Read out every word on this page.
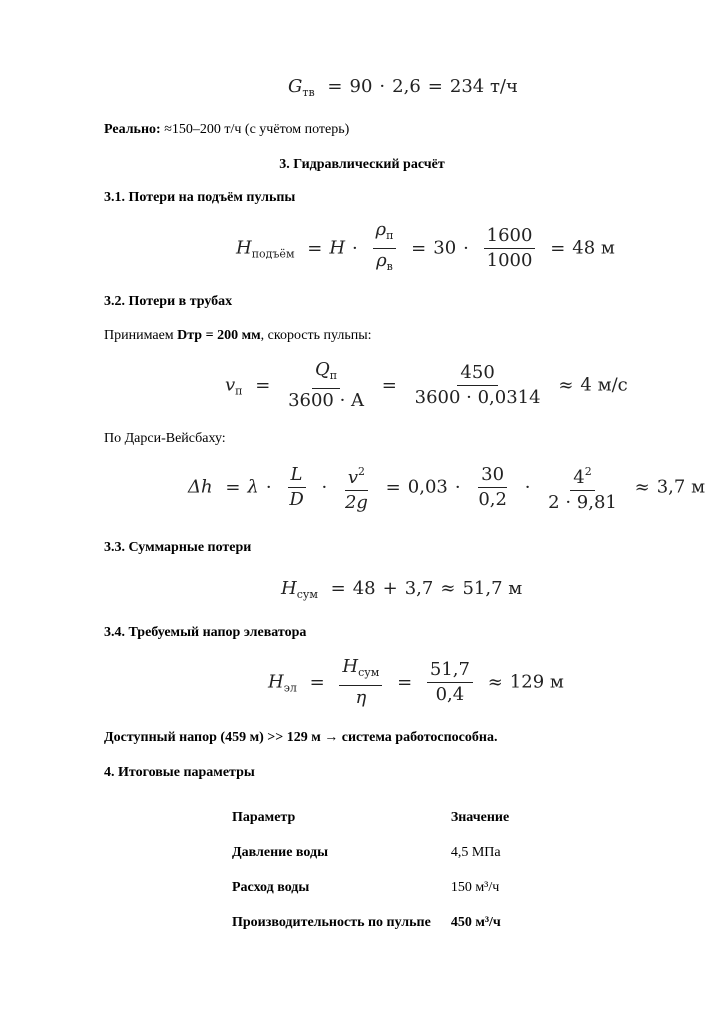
$G_{тв} = 90 \cdot 2,6 = 234$ т/ч
Реально: ≈150–200 т/ч (с учётом потерь)
3. Гидравлический расчёт
3.1. Потери на подъём пульпы
$H_{подъём} = H \cdot \frac{\rho_п}{\rho_в} = 30 \cdot \frac{1600}{1000} = 48$ м
3.2. Потери в трубах
Принимаем Dтр = 200 мм, скорость пульпы:
$v_п = \frac{Q_п}{3600 \cdot A} = \frac{450}{3600 \cdot 0,0314} \approx 4$ м/с
По Дарси-Вейсбаху:
$\Delta h = \lambda \cdot \frac{L}{D} \cdot \frac{v^2}{2g} = 0,03 \cdot \frac{30}{0,2} \cdot \frac{4^2}{2 \cdot 9,81} \approx 3,7$ м
3.3. Суммарные потери
$H_{сум} = 48 + 3,7 \approx 51,7$ м
3.4. Требуемый напор элеватора
$H_{эл} = \frac{H_{сум}}{\eta} = \frac{51,7}{0,4} \approx 129$ м
Доступный напор (459 м) >> 129 м → система работоспособна.
4. Итоговые параметры
Параметр	Значение
Давление воды	4,5 МПа
Расход воды	150 м³/ч
Производительность по пульпе	450 м³/ч
